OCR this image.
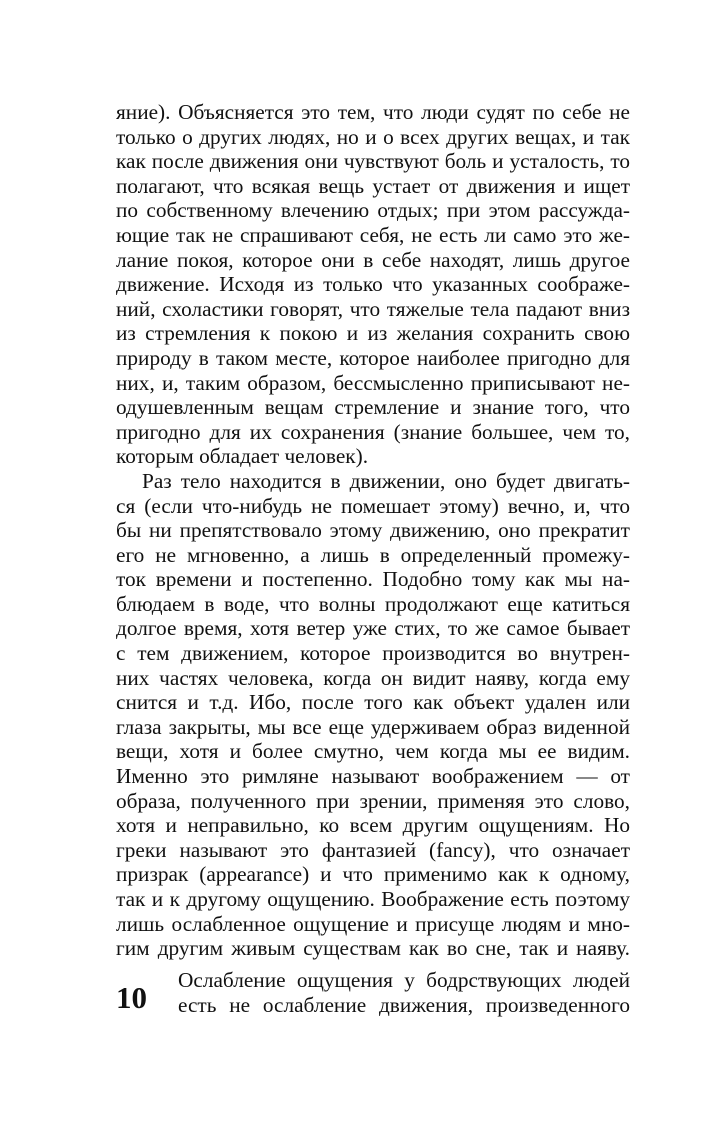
яние). Объясняется это тем, что люди судят по себе не
только о других людях, но и о всех других вещах, и так
как после движения они чувствуют боль и усталость, то
полагают, что всякая вещь устает от движения и ищет
по собственному влечению отдых; при этом рассужда-
ющие так не спрашивают себя, не есть ли само это же-
лание покоя, которое они в себе находят, лишь другое
движение. Исходя из только что указанных соображе-
ний, схоластики говорят, что тяжелые тела падают вниз
из стремления к покою и из желания сохранить свою
природу в таком месте, которое наиболее пригодно для
них, и, таким образом, бессмысленно приписывают не-
одушевленным вещам стремление и знание того, что
пригодно для их сохранения (знание большее, чем то,
которым обладает человек).
Раз тело находится в движении, оно будет двигать-
ся (если что-нибудь не помешает этому) вечно, и, что
бы ни препятствовало этому движению, оно прекратит
его не мгновенно, а лишь в определенный промежу-
ток времени и постепенно. Подобно тому как мы на-
блюдаем в воде, что волны продолжают еще катиться
долгое время, хотя ветер уже стих, то же самое бывает
с тем движением, которое производится во внутрен-
них частях человека, когда он видит наяву, когда ему
снится и т.д. Ибо, после того как объект удален или
глаза закрыты, мы все еще удерживаем образ виденной
вещи, хотя и более смутно, чем когда мы ее видим.
Именно это римляне называют воображением — от
образа, полученного при зрении, применяя это слово,
хотя и неправильно, ко всем другим ощущениям. Но
греки называют это фантазией (fancy), что означает
призрак (appearance) и что применимо как к одному,
так и к другому ощущению. Воображение есть поэтому
лишь ослабленное ощущение и присуще людям и мно-
гим другим живым существам как во сне, так и наяву.
Ослабление ощущения у бодрствующих людей
есть не ослабление движения, произведенного
10
